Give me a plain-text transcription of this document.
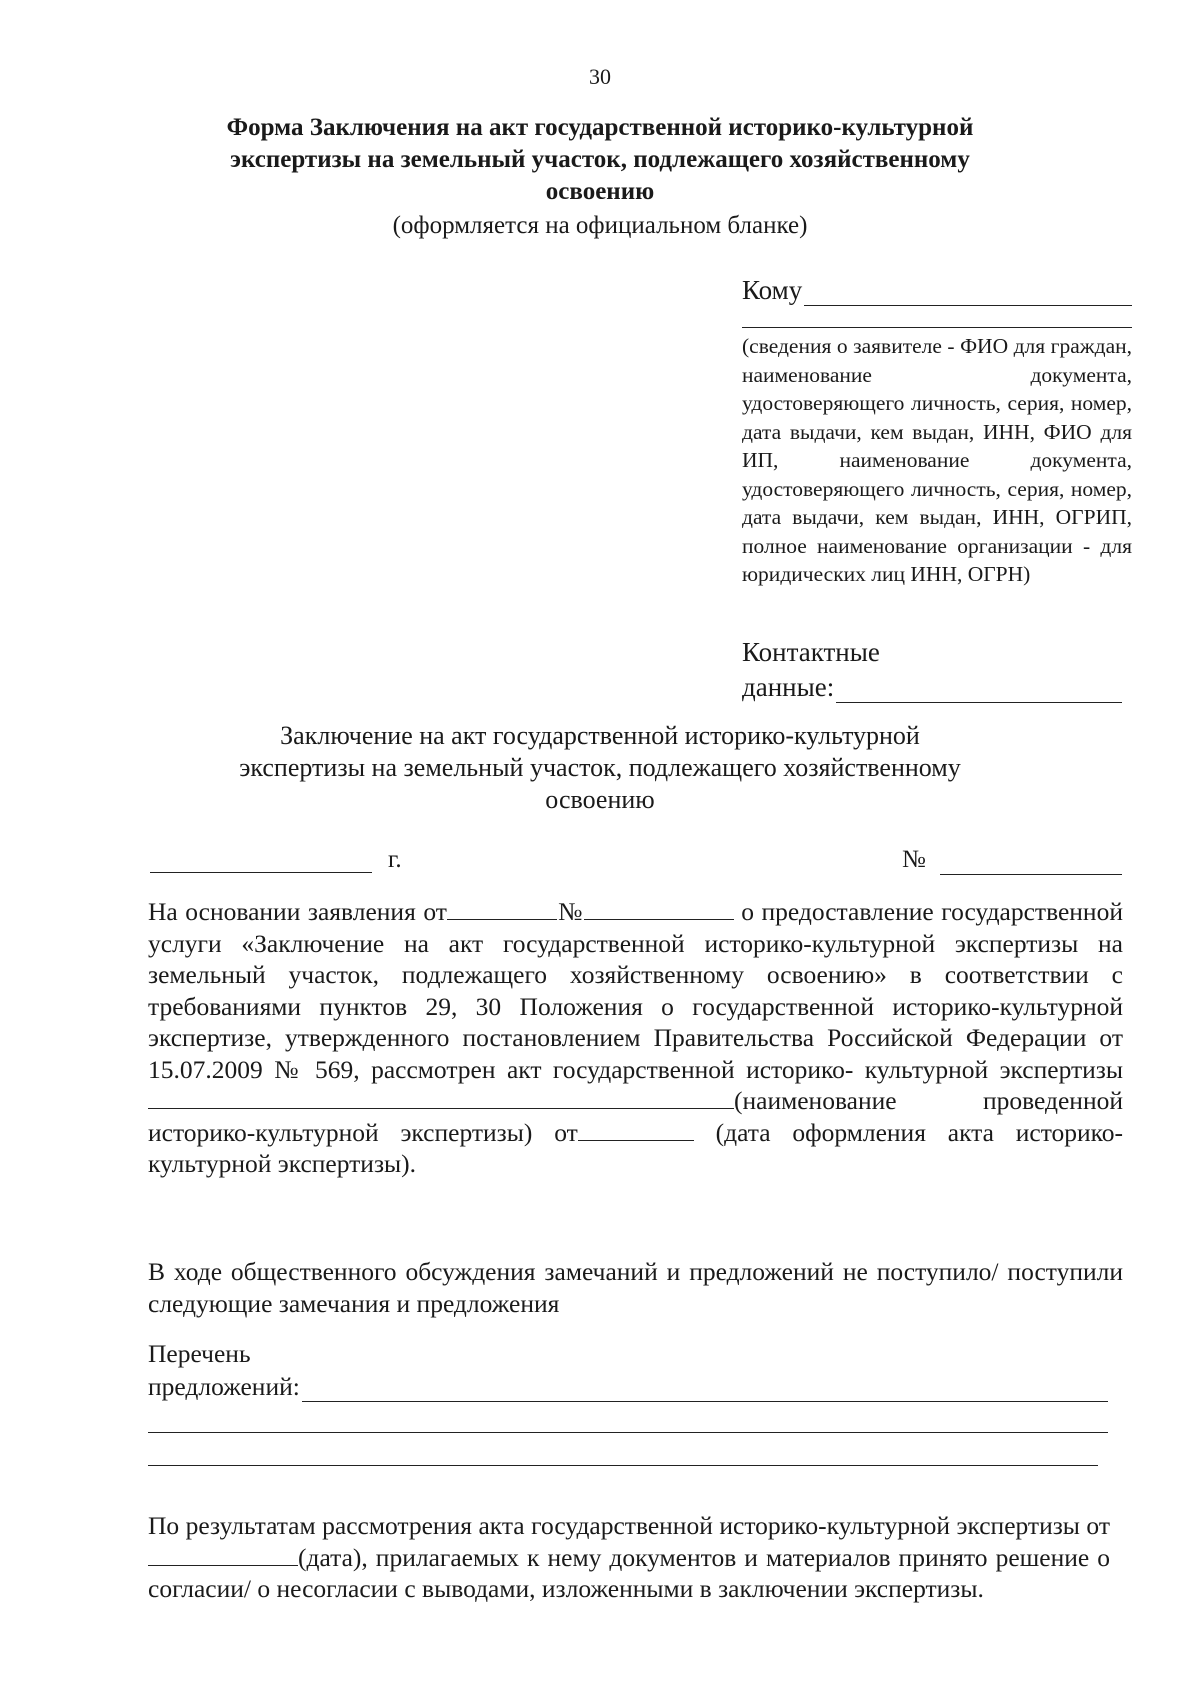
30
Форма Заключения на акт государственной историко-культурной экспертизы на земельный участок, подлежащего хозяйственному освоению
(оформляется на официальном бланке)
Кому
(сведения о заявителе - ФИО для граждан, наименование документа, удостоверяющего личность, серия, номер, дата выдачи, кем выдан, ИНН, ФИО для ИП, наименование документа, удостоверяющего личность, серия, номер, дата выдачи, кем выдан, ИНН, ОГРИП, полное наименование организации - для юридических лиц ИНН, ОГРН)
Контактные
данные:
Заключение на акт государственной историко-культурной экспертизы на земельный участок, подлежащего хозяйственному освоению
г.	№
На основании заявления от	№	о предоставление государственной услуги «Заключение на акт государственной историко-культурной экспертизы на земельный участок, подлежащего хозяйственному освоению» в соответствии с требованиями пунктов 29, 30 Положения о государственной историко-культурной экспертизе, утвержденного постановлением Правительства Российской Федерации от 15.07.2009 № 569, рассмотрен акт государственной историко- культурной экспертизы (наименование проведенной историко-культурной экспертизы) от	(дата оформления акта историко-культурной экспертизы).
В ходе общественного обсуждения замечаний и предложений не поступило/ поступили следующие замечания и предложения
Перечень
предложений:
По результатам рассмотрения акта государственной историко-культурной экспертизы от(дата), прилагаемых к нему документов и материалов принято решение о согласии/ о несогласии с выводами, изложенными в заключении экспертизы.
